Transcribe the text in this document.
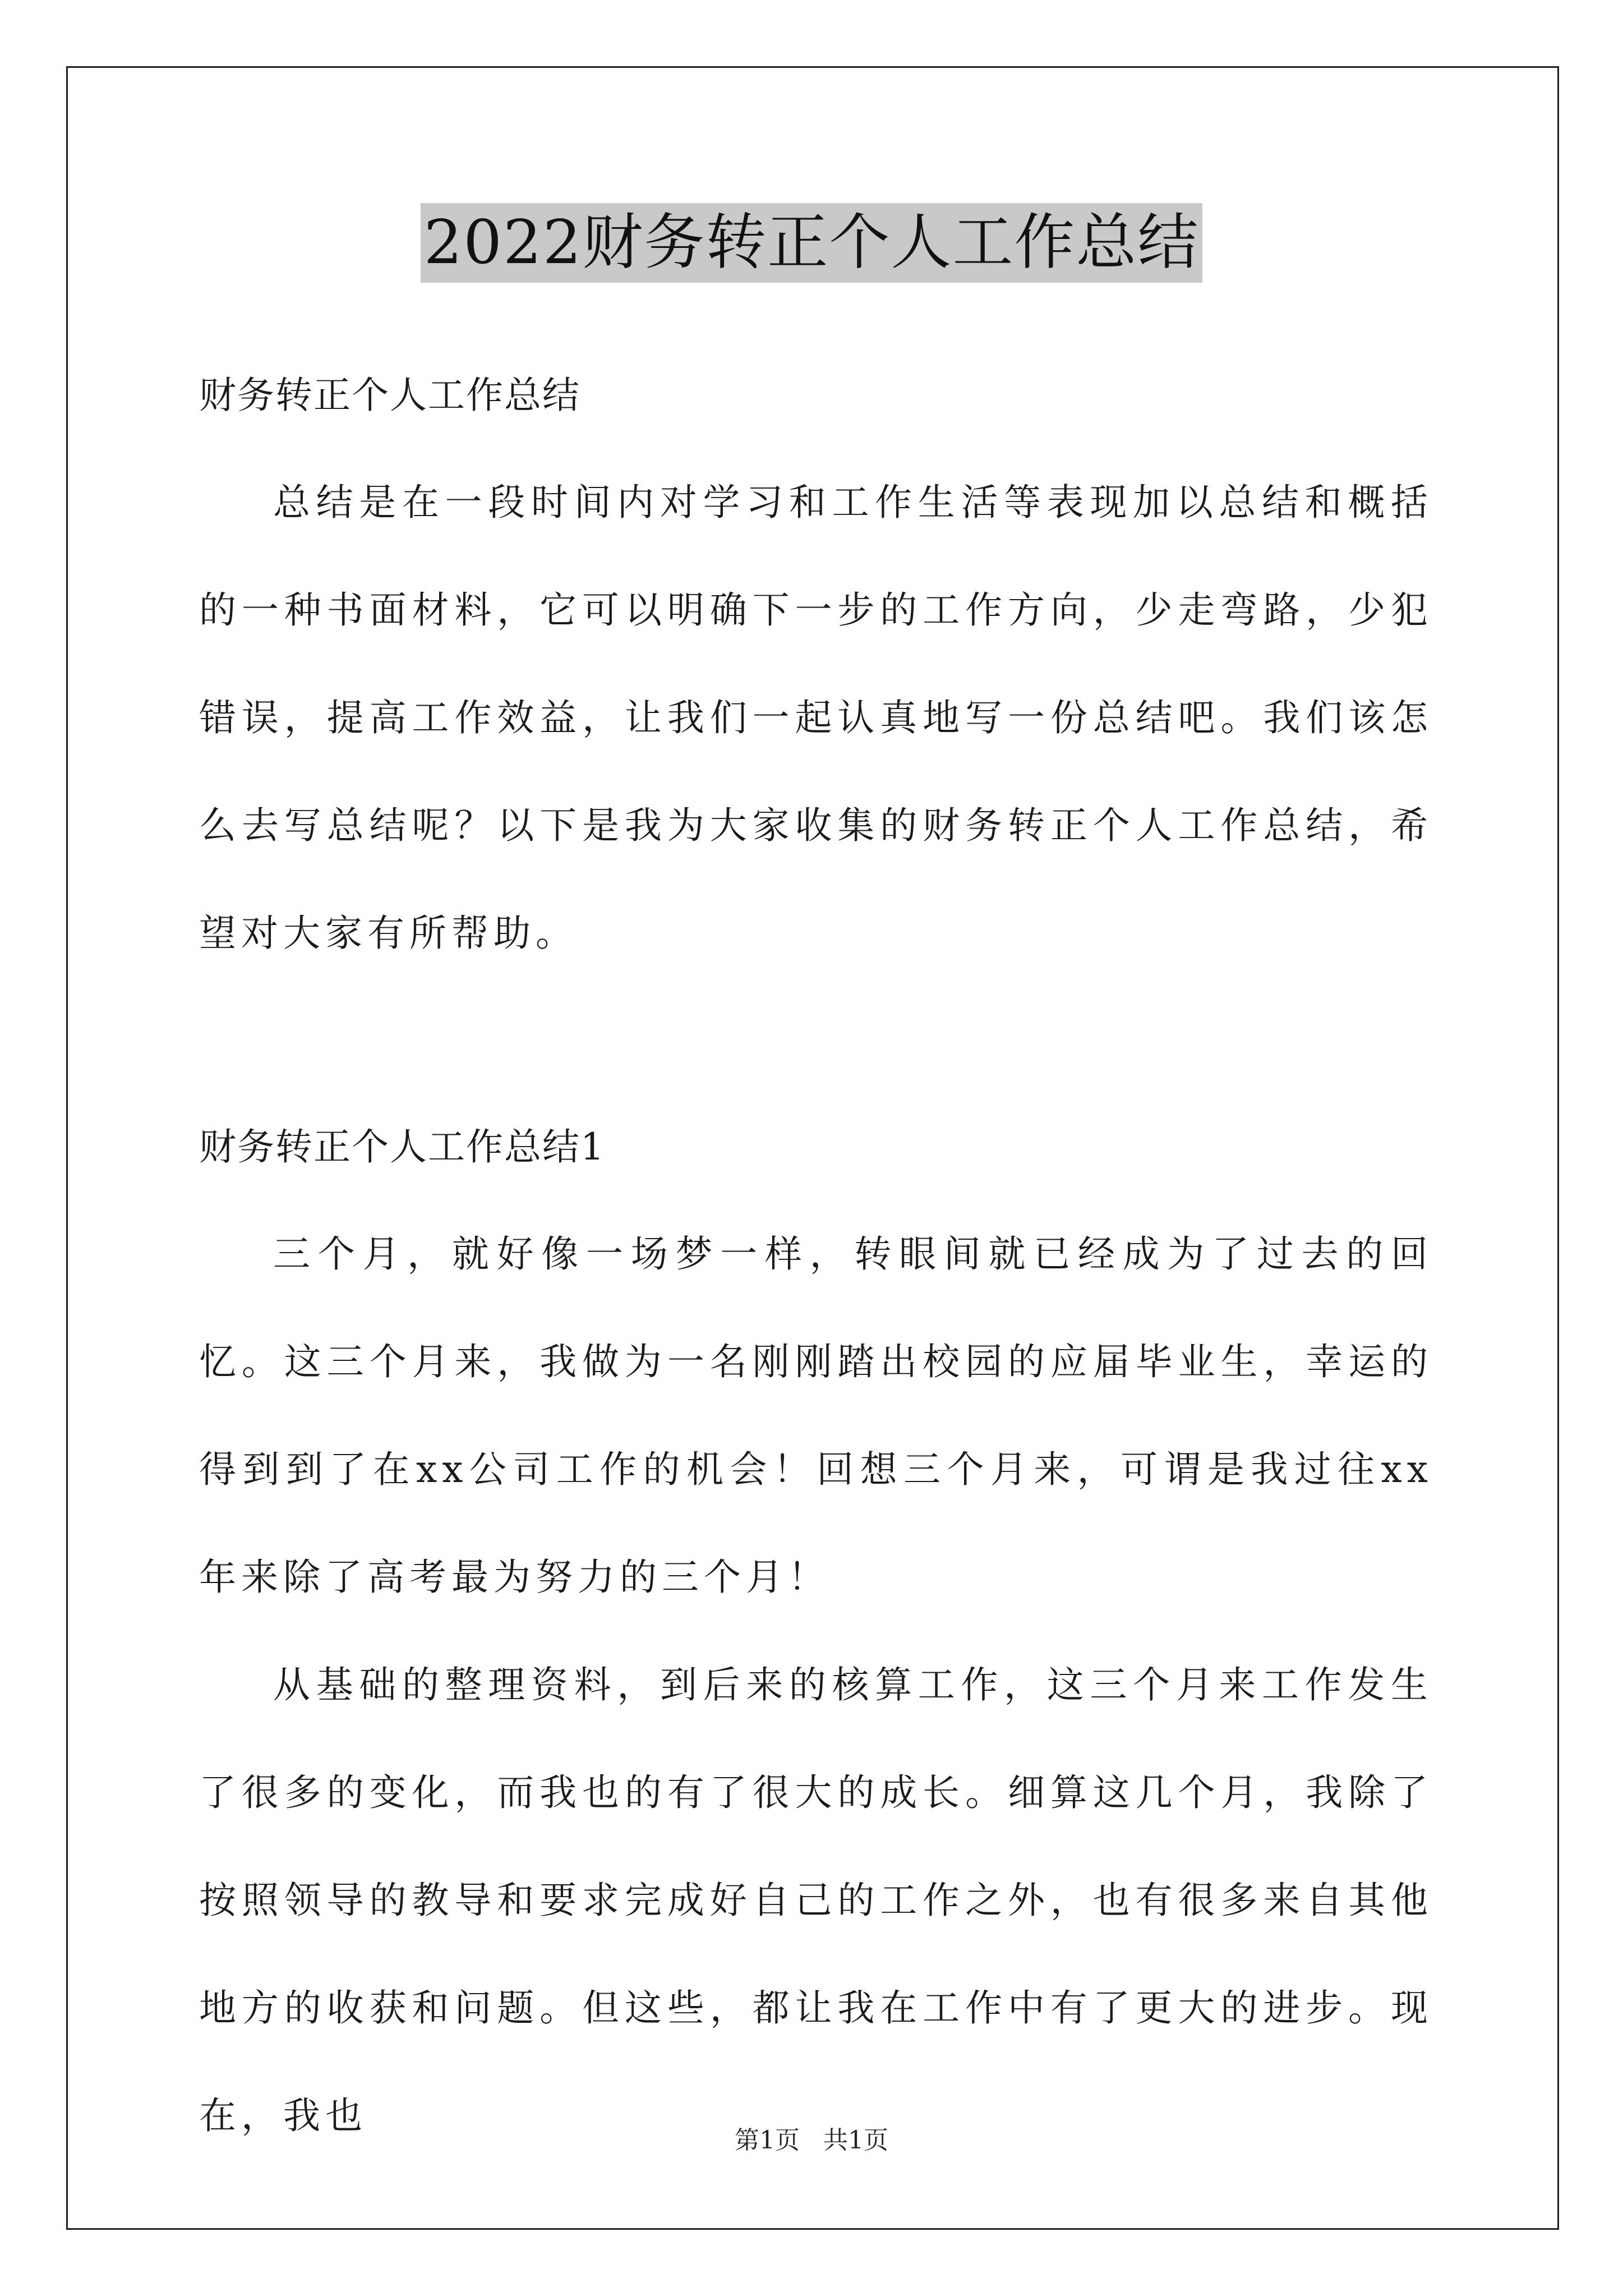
2022财务转正个人工作总结

财务转正个人工作总结

总结是在一段时间内对学习和工作生活等表现加以总结和概括的一种书面材料，它可以明确下一步的工作方向，少走弯路，少犯错误，提高工作效益，让我们一起认真地写一份总结吧。我们该怎么去写总结呢？以下是我为大家收集的财务转正个人工作总结，希望对大家有所帮助。

财务转正个人工作总结1

三个月，就好像一场梦一样，转眼间就已经成为了过去的回忆。这三个月来，我做为一名刚刚踏出校园的应届毕业生，幸运的得到到了在xx公司工作的机会！回想三个月来，可谓是我过往xx年来除了高考最为努力的三个月！

从基础的整理资料，到后来的核算工作，这三个月来工作发生了很多的变化，而我也的有了很大的成长。细算这几个月，我除了按照领导的教导和要求完成好自己的工作之外，也有很多来自其他地方的收获和问题。但这些，都让我在工作中有了更大的进步。现在，我也

第1页 共1页
